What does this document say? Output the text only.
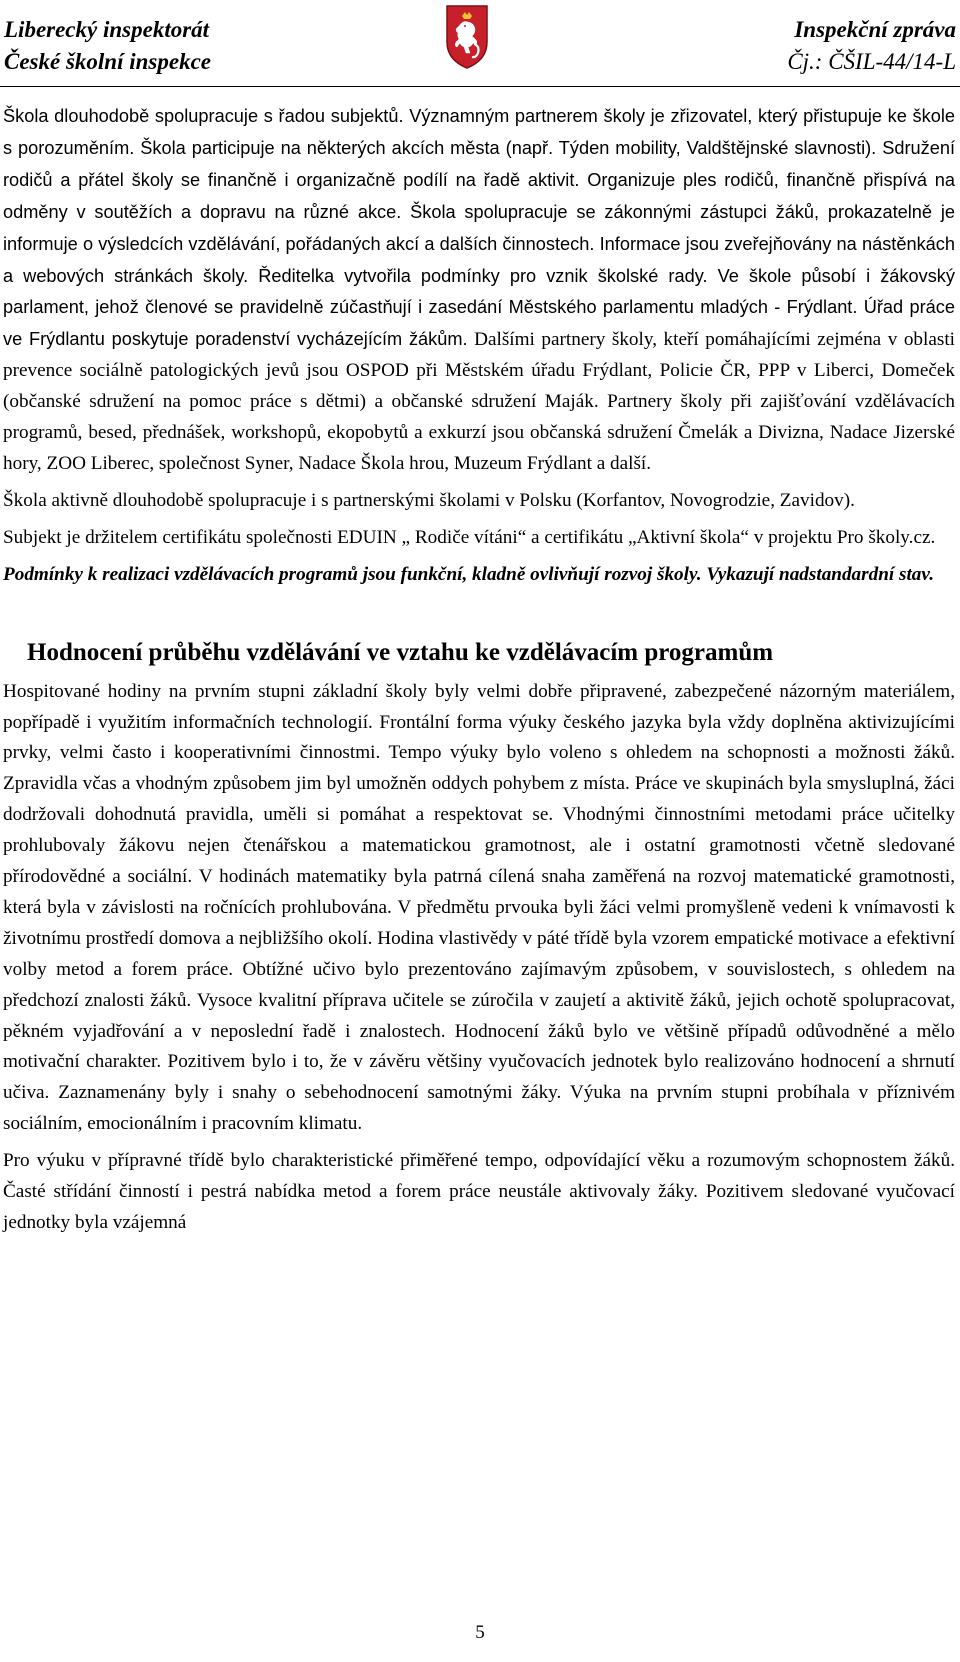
Liberecký inspektorát
České školní inspekce
Inspekční zpráva
Čj.: ČŠIL-44/14-L

Škola dlouhodobě spolupracuje s řadou subjektů. Významným partnerem školy je zřizovatel, který přistupuje ke škole s porozuměním. Škola participuje na některých akcích města (např. Týden mobility, Valdštějnské slavnosti). Sdružení rodičů a přátel školy se finančně i organizačně podílí na řadě aktivit. Organizuje ples rodičů, finančně přispívá na odměny v soutěžích a dopravu na různé akce. Škola spolupracuje se zákonnými zástupci žáků, prokazatelně je informuje o výsledcích vzdělávání, pořádaných akcí a dalších činnostech. Informace jsou zveřejňovány na nástěnkách a webových stránkách školy. Ředitelka vytvořila podmínky pro vznik školské rady. Ve škole působí i žákovský parlament, jehož členové se pravidelně zúčastňují i zasedání Městského parlamentu mladých - Frýdlant. Úřad práce ve Frýdlantu poskytuje poradenství vycházejícím žákům. Dalšími partnery školy, kteří pomáhajícími zejména v oblasti prevence sociálně patologických jevů jsou OSPOD při Městském úřadu Frýdlant, Policie ČR, PPP v Liberci, Domeček (občanské sdružení na pomoc práce s dětmi) a občanské sdružení Maják. Partnery školy při zajišťování vzdělávacích programů, besed, přednášek, workshopů, ekopobytů a exkurzí jsou občanská sdružení Čmelák a Divizna, Nadace Jizerské hory, ZOO Liberec, společnost Syner, Nadace Škola hrou, Muzeum Frýdlant a další.

Škola aktivně dlouhodobě spolupracuje i s partnerskými školami v Polsku (Korfantov, Novogrodzie, Zavidov).

Subjekt je držitelem certifikátu společnosti EDUIN „ Rodiče vítáni“ a certifikátu „Aktivní škola“ v projektu Pro školy.cz.

Podmínky k realizaci vzdělávacích programů jsou funkční, kladně ovlivňují rozvoj školy. Vykazují nadstandardní stav.

Hodnocení průběhu vzdělávání ve vztahu ke vzdělávacím programům

Hospitované hodiny na prvním stupni základní školy byly velmi dobře připravené, zabezpečené názorným materiálem, popřípadě i využitím informačních technologií. Frontální forma výuky českého jazyka byla vždy doplněna aktivizujícími prvky, velmi často i kooperativními činnostmi. Tempo výuky bylo voleno s ohledem na schopnosti a možnosti žáků. Zpravidla včas a vhodným způsobem jim byl umožněn oddych pohybem z místa. Práce ve skupinách byla smysluplná, žáci dodržovali dohodnutá pravidla, uměli si pomáhat a respektovat se. Vhodnými činnostními metodami práce učitelky prohlubovaly žákovu nejen čtenářskou a matematickou gramotnost, ale i ostatní gramotnosti včetně sledované přírodovědné a sociální. V hodinách matematiky byla patrná cílená snaha zaměřená na rozvoj matematické gramotnosti, která byla v závislosti na ročnících prohlubována. V předmětu prvouka byli žáci velmi promyšleně vedeni k vnímavosti k životnímu prostředí domova a nejbližšího okolí. Hodina vlastivědy v páté třídě byla vzorem empatické motivace a efektivní volby metod a forem práce. Obtížné učivo bylo prezentováno zajímavým způsobem, v souvislostech, s ohledem na předchozí znalosti žáků. Vysoce kvalitní příprava učitele se zúročila v zaujetí a aktivitě žáků, jejich ochotě spolupracovat, pěkném vyjadřování a v neposlední řadě i znalostech. Hodnocení žáků bylo ve většině případů odůvodněné a mělo motivační charakter. Pozitivem bylo i to, že v závěru většiny vyučovacích jednotek bylo realizováno hodnocení a shrnutí učiva. Zaznamenány byly i snahy o sebehodnocení samotnými žáky. Výuka na prvním stupni probíhala v příznivém sociálním, emocionálním i pracovním klimatu.

Pro výuku v přípravné třídě bylo charakteristické přiměřené tempo, odpovídající věku a rozumovým schopnostem žáků. Časté střídání činností i pestrá nabídka metod a forem práce neustále aktivovaly žáky. Pozitivem sledované vyučovací jednotky byla vzájemná

5
